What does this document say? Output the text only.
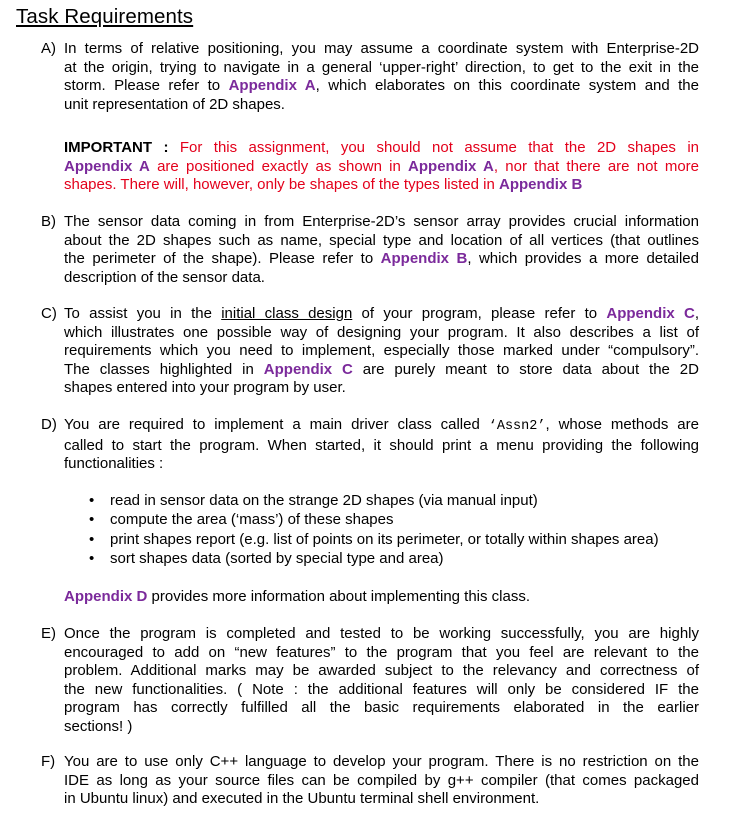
Task Requirements
A) In terms of relative positioning, you may assume a coordinate system with Enterprise-2D
at the origin, trying to navigate in a general ‘upper-right’ direction, to get to the exit in the
storm. Please refer to Appendix A, which elaborates on this coordinate system and the
unit representation of 2D shapes.
IMPORTANT : For this assignment, you should not assume that the 2D shapes in
Appendix A are positioned exactly as shown in Appendix A, nor that there are not more
shapes. There will, however, only be shapes of the types listed in Appendix B
B) The sensor data coming in from Enterprise-2D’s sensor array provides crucial information
about the 2D shapes such as name, special type and location of all vertices (that outlines
the perimeter of the shape). Please refer to Appendix B, which provides a more detailed
description of the sensor data.
C) To assist you in the initial class design of your program, please refer to Appendix C,
which illustrates one possible way of designing your program. It also describes a list of
requirements which you need to implement, especially those marked under “compulsory”.
The classes highlighted in Appendix C are purely meant to store data about the 2D
shapes entered into your program by user.
D) You are required to implement a main driver class called ‘Assn2’, whose methods are
called to start the program. When started, it should print a menu providing the following
functionalities :
• read in sensor data on the strange 2D shapes (via manual input)
• compute the area (‘mass’) of these shapes
• print shapes report (e.g. list of points on its perimeter, or totally within shapes area)
• sort shapes data (sorted by special type and area)
Appendix D provides more information about implementing this class.
E) Once the program is completed and tested to be working successfully, you are highly
encouraged to add on “new features” to the program that you feel are relevant to the
problem. Additional marks may be awarded subject to the relevancy and correctness of
the new functionalities. ( Note : the additional features will only be considered IF the
program has correctly fulfilled all the basic requirements elaborated in the earlier
sections! )
F) You are to use only C++ language to develop your program. There is no restriction on the
IDE as long as your source files can be compiled by g++ compiler (that comes packaged
in Ubuntu linux) and executed in the Ubuntu terminal shell environment.
